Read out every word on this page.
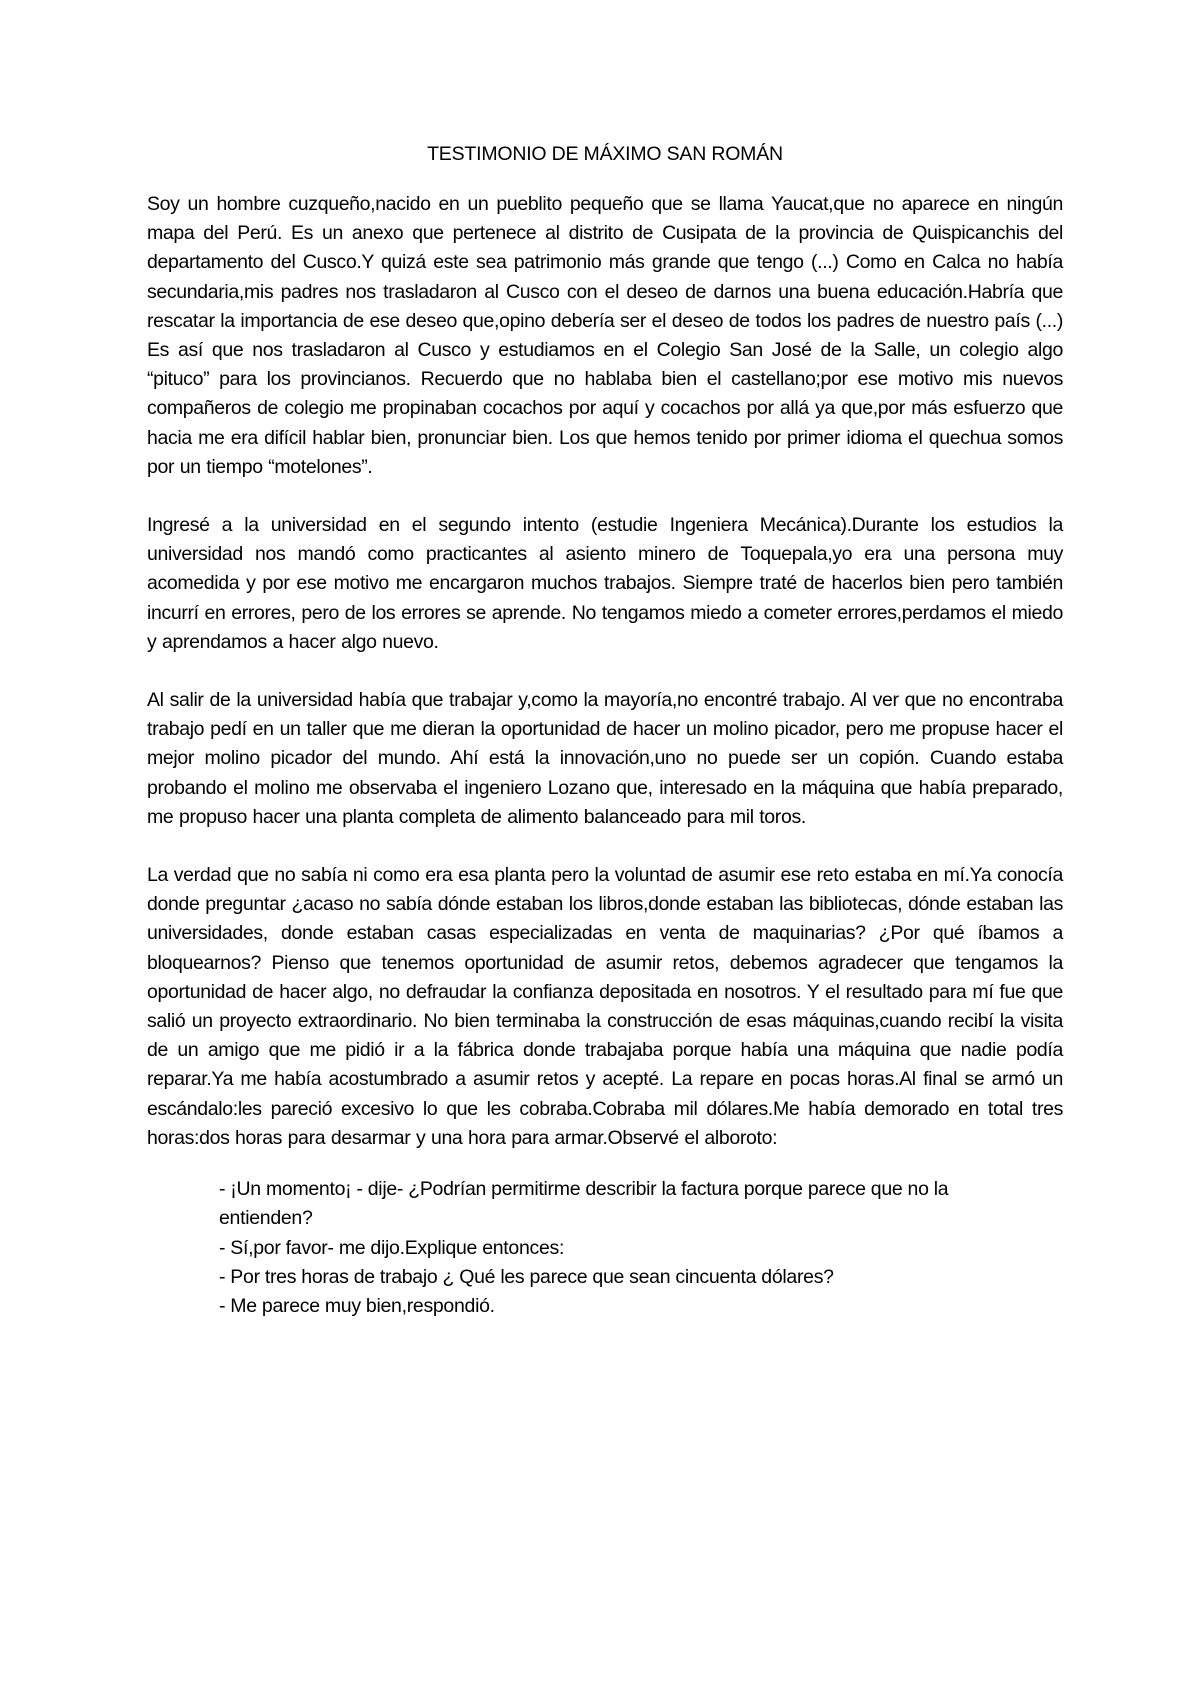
TESTIMONIO DE MÁXIMO SAN ROMÁN

Soy un hombre cuzqueño,nacido en un pueblito pequeño que se llama Yaucat,que no aparece en ningún mapa del Perú. Es un anexo que pertenece al distrito de Cusipata de la provincia de Quispicanchis del departamento del Cusco.Y quizá este sea patrimonio más grande que tengo (...) Como en Calca no había secundaria,mis padres nos trasladaron al Cusco con el deseo de darnos una buena educación.Habría que rescatar la importancia de ese deseo que,opino debería ser el deseo de todos los padres de nuestro país (...) Es así que nos trasladaron al Cusco y estudiamos en el Colegio San José de la Salle, un colegio algo “pituco” para los provincianos. Recuerdo que no hablaba bien el castellano;por ese motivo mis nuevos compañeros de colegio me propinaban cocachos por aquí y cocachos por allá ya que,por más esfuerzo que hacia me era difícil hablar bien, pronunciar bien. Los que hemos tenido por primer idioma el quechua somos por un tiempo “motelones”.

Ingresé a la universidad en el segundo intento (estudie Ingeniera Mecánica).Durante los estudios la universidad nos mandó como practicantes al asiento minero de Toquepala,yo era una persona muy acomedida y por ese motivo me encargaron muchos trabajos. Siempre traté de hacerlos bien pero también incurrí en errores, pero de los errores se aprende. No tengamos miedo a cometer errores,perdamos el miedo y aprendamos a hacer algo nuevo.

Al salir de la universidad había que trabajar y,como la mayoría,no encontré trabajo. Al ver que no encontraba trabajo pedí en un taller que me dieran la oportunidad de hacer un molino picador, pero me propuse hacer el mejor molino picador del mundo. Ahí está la innovación,uno no puede ser un copión. Cuando estaba probando el molino me observaba el ingeniero Lozano que, interesado en la máquina que había preparado, me propuso hacer una planta completa de alimento balanceado para mil toros.

La verdad que no sabía ni como era esa planta pero la voluntad de asumir ese reto estaba en mí.Ya conocía donde preguntar ¿acaso no sabía dónde estaban los libros,donde estaban las bibliotecas, dónde estaban las universidades, donde estaban casas especializadas en venta de maquinarias? ¿Por qué íbamos a bloquearnos? Pienso que tenemos oportunidad de asumir retos, debemos agradecer que tengamos la oportunidad de hacer algo, no defraudar la confianza depositada en nosotros. Y el resultado para mí fue que salió un proyecto extraordinario. No bien terminaba la construcción de esas máquinas,cuando recibí la visita de un amigo que me pidió ir a la fábrica donde trabajaba porque había una máquina que nadie podía reparar.Ya me había acostumbrado a asumir retos y acepté. La repare en pocas horas.Al final se armó un escándalo:les pareció excesivo lo que les cobraba.Cobraba mil dólares.Me había demorado en total tres horas:dos horas para desarmar y una hora para armar.Observé el alboroto:

- ¡Un momento¡ - dije- ¿Podrían permitirme describir la factura porque parece que no la

entienden?

- Sí,por favor- me dijo.Explique entonces:

- Por tres horas de trabajo ¿ Qué les parece que sean cincuenta dólares?

- Me parece muy bien,respondió.
